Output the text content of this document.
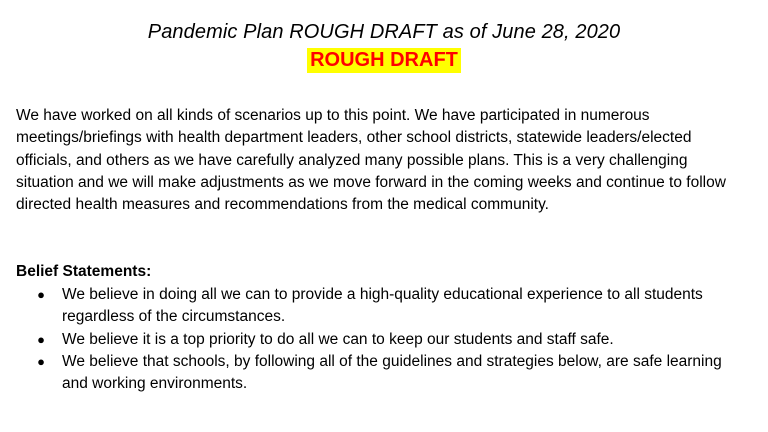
Pandemic Plan ROUGH DRAFT as of June 28, 2020
ROUGH DRAFT

We have worked on all kinds of scenarios up to this point. We have participated in numerous meetings/briefings with health department leaders, other school districts, statewide leaders/elected officials, and others as we have carefully analyzed many possible plans. This is a very challenging situation and we will make adjustments as we move forward in the coming weeks and continue to follow directed health measures and recommendations from the medical community.

Belief Statements:

● We believe in doing all we can to provide a high-quality educational experience to all students regardless of the circumstances.
● We believe it is a top priority to do all we can to keep our students and staff safe.
● We believe that schools, by following all of the guidelines and strategies below, are safe learning and working environments.
